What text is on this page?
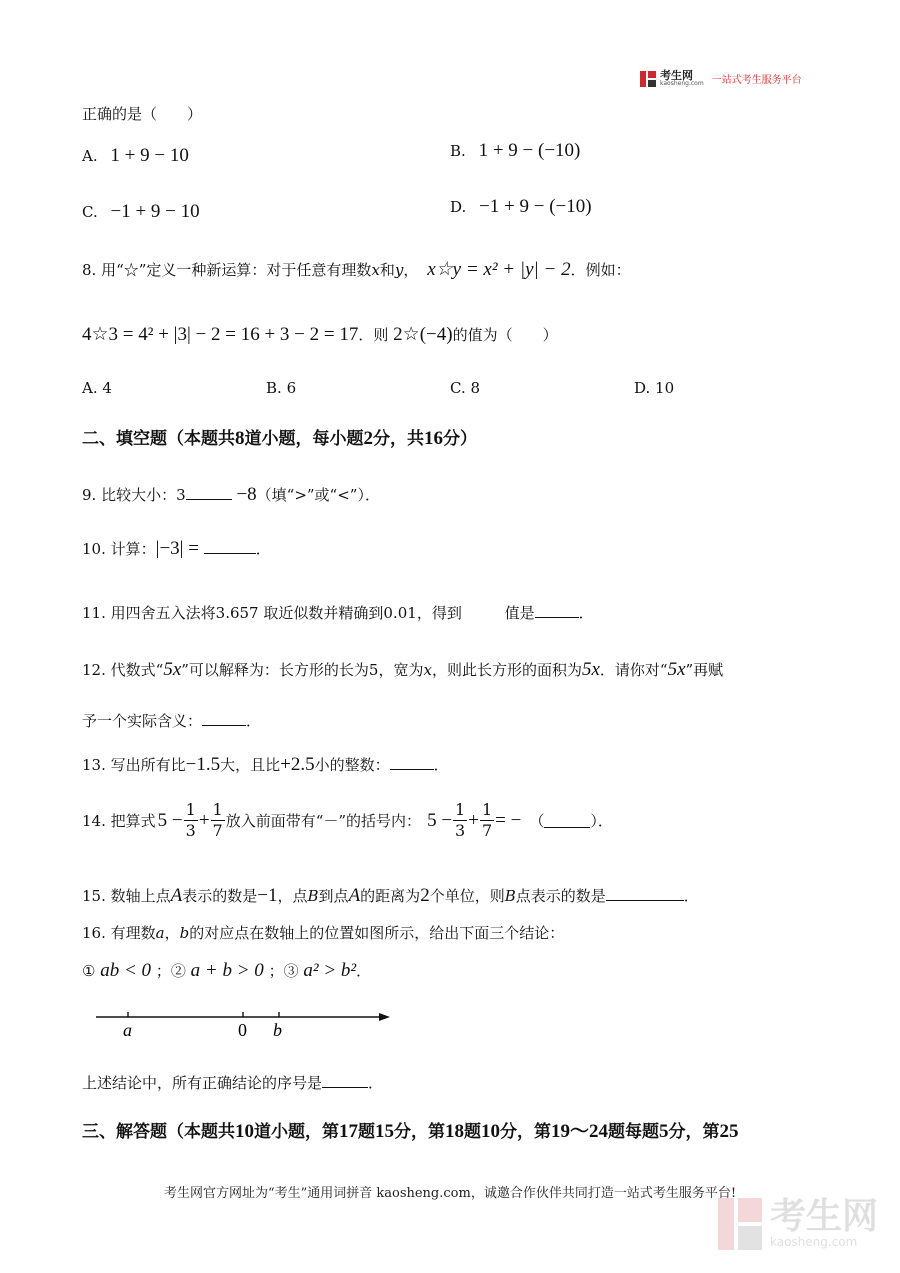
考生网
kaosheng.com 一站式考生服务平台
正确的是（　　）
A. 1 + 9 − 10	B. 1 + 9 − (−10)
C. −1 + 9 − 10	D. −1 + 9 − (−10)
8. 用“☆”定义一种新运算：对于任意有理数x和y， x☆y = x² + |y| − 2．例如：
4☆3 = 4² + |3| − 2 = 16 + 3 − 2 = 17．则 2☆(−4)的值为（　　）
A. 4	B. 6	C. 8	D. 10
二、填空题（本题共8道小题，每小题2分，共16分）
9. 比较大小：3	−8（填“>”或“<”）．
10. 计算：|−3| =	．
11. 用四舍五入法将3.657 取近似数并精确到0.01，得到	值是	．
12. 代数式“5x”可以解释为：长方形的长为5，宽为x，则此长方形的面积为5x．请你对“5x”再赋
予一个实际含义：	．
13. 写出所有比−1.5大，且比+2.5小的整数：	．
14.
把算式 $5 - \frac{1}{3} + \frac{1}{7}$ 放入前面带有“－”的括号内： $5 - \frac{1}{3} + \frac{1}{7}$ = − （	）．
15. 数轴上点A表示的数是−1，点B到点A的距离为2个单位，则B点表示的数是	．
16. 有理数a，b的对应点在数轴上的位置如图所示，给出下面三个结论：
① ab < 0 ；② a + b > 0 ；③ a² > b²．
a	0 b
上述结论中，所有正确结论的序号是	．
三、解答题（本题共10道小题，第17题15分，第18题10分，第19～24题每题5分，第25
考生网官方网址为“考生”通用词拼音 kaosheng.com，诚邀合作伙伴共同打造一站式考生服务平台!
考生网
kaosheng.com
